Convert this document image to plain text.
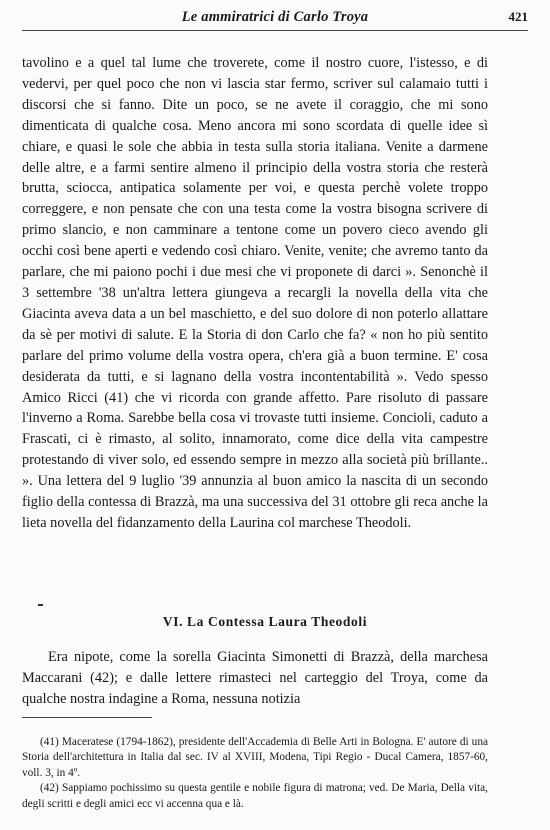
Le ammiratrici di Carlo Troya	421

tavolino e a quel tal lume che troverete, come il nostro cuore, l'istesso, e di vedervi, per quel poco che non vi lascia star fermo, scriver sul calamaio tutti i discorsi che si fanno. Dite un poco, se ne avete il coraggio, che mi sono dimenticata di qualche cosa. Meno ancora mi sono scordata di quelle idee sì chiare, e quasi le sole che abbia in testa sulla storia italiana. Venite a darmene delle altre, e a farmi sentire almeno il principio della vostra storia che resterà brutta, sciocca, antipatica solamente per voi, e questa perchè volete troppo correggere, e non pensate che con una testa come la vostra bisogna scrivere di primo slancio, e non camminare a tentone come un povero cieco avendo gli occhi così bene aperti e vedendo così chiaro. Venite, venite; che avremo tanto da parlare, che mi paiono pochi i due mesi che vi proponete di darci ». Senonchè il 3 settembre '38 un'altra lettera giungeva a recargli la novella della vita che Giacinta aveva data a un bel maschietto, e del suo dolore di non poterlo allattare da sè per motivi di salute. E la Storia di don Carlo che fa? « non ho più sentito parlare del primo volume della vostra opera, ch'era già a buon termine. E' cosa desiderata da tutti, e si lagnano della vostra incontentabilità ». Vedo spesso Amico Ricci (41) che vi ricorda con grande affetto. Pare risoluto di passare l'inverno a Roma. Sarebbe bella cosa vi trovaste tutti insieme. Concioli, caduto a Frascati, ci è rimasto, al solito, innamorato, come dice della vita campestre protestando di viver solo, ed essendo sempre in mezzo alla società più brillante.. ». Una lettera del 9 luglio '39 annunzia al buon amico la nascita di un secondo figlio della contessa di Brazzà, ma una successiva del 31 ottobre gli reca anche la lieta novella del fidanzamento della Laurina col marchese Theodoli.

VI. La Contessa Laura Theodoli

Era nipote, come la sorella Giacinta Simonetti di Brazzà, della marchesa Maccarani (42); e dalle lettere rimasteci nel carteggio del Troya, come da qualche nostra indagine a Roma, nessuna notizia

(41) Maceratese (1794-1862), presidente dell'Accademia di Belle Arti in Bologna. E' autore di una Storia dell'architettura in Italia dal sec. IV al XVIII, Modena, Tipi Regio - Ducal Camera, 1857-60, voll. 3, in 4º.

(42) Sappiamo pochissimo su questa gentile e nobile figura di matrona; ved. De Maria, Della vita, degli scritti e degli amici ecc vi accenna qua e là.
